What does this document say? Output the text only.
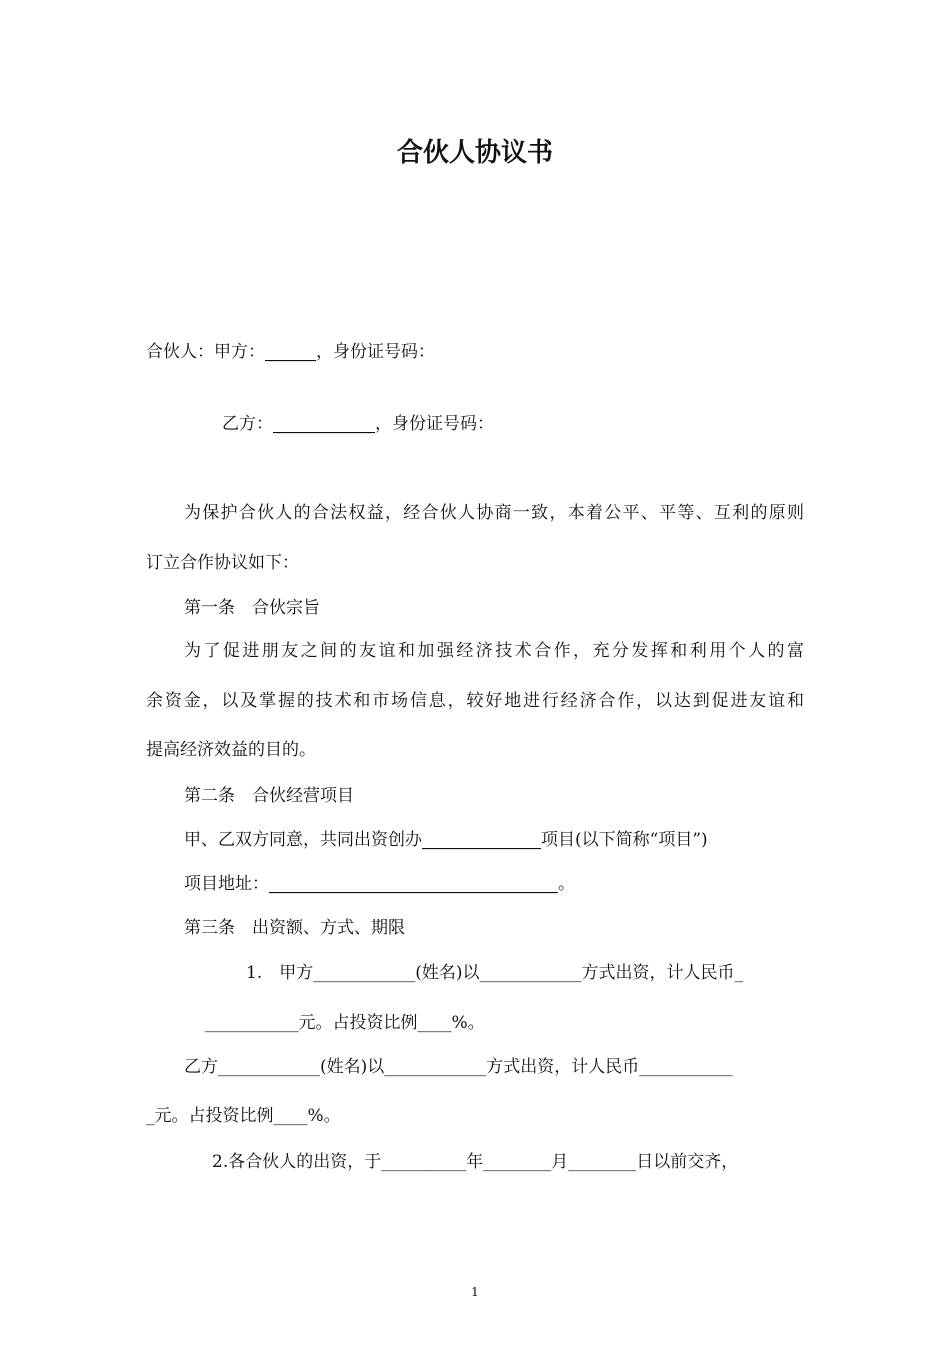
合伙人协议书
合伙人：甲方：______，身份证号码：
乙方：____________，身份证号码：
为保护合伙人的合法权益，经合伙人协商一致，本着公平、平等、互利的原则
订立合作协议如下：
第一条　合伙宗旨
为了促进朋友之间的友谊和加强经济技术合作，充分发挥和利用个人的富
余资金，以及掌握的技术和市场信息，较好地进行经济合作，以达到促进友谊和
提高经济效益的目的。
第二条　合伙经营项目
甲、乙双方同意，共同出资创办______________项目(以下简称“项目”)
项目地址：__________________________________。
第三条　出资额、方式、期限
1.　甲方____________(姓名)以____________方式出资，计人民币_
___________元。占投资比例____%。
乙方____________(姓名)以____________方式出资，计人民币___________
_元。占投资比例____%。
2.各合伙人的出资，于__________年________月________日以前交齐，
1
